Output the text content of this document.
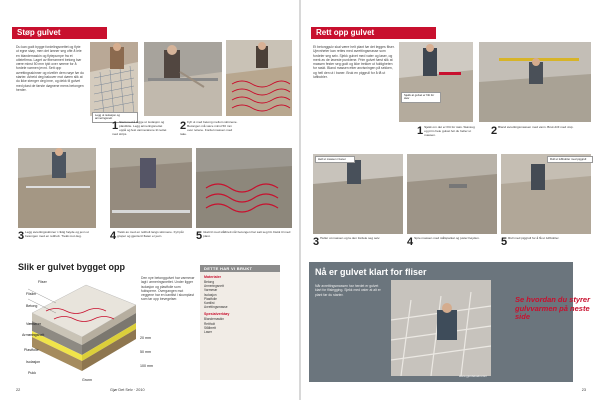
Støp gulvet
Du kan godt bygge fordelingsnettet og flyte ut egne støp, men det lønner seg ofte å leie en blandemaskin og flytepumpe fra et utleiefirma. Laget av fiberarmert betong bør være minst 50 mm tykt over rørene for å fordele varmen jevnt. Sett opp avrettingsskinner og nivellér dem nøye før du starter. Arbeid deg bakover mot døren slik at du ikke stenger deg inne, og dekk til gulvet med plast de første døgnene mens betongen herder.
Legg ut isolasjon og armeringsnett
1 Start med å legge ut isolasjon og plastfolie. Legg armeringsnettet oppå og fest varmerørene til nettet med strips.
2 Fyll ut med betong mellom skinnene. Betongen må være minst 50 mm over rørene. Fordel massen med rake.
3 Legg avrettingsskinner i riktig høyde og jevn ut betongen med en rettholt. Trekk mot deg.	4 Trekk av med en rettholt langs skinnene. Fyll på i groper og gjenta til flaten er jevn.	5 Glatt til med stålbrett når betongen har satt seg litt. Dekk til med plast.
Slik er gulvet bygget opp
Fliser
Flislim
Betong
Varmerør
Armeringsnett
Plastfolie
Isolasjon
Pukk
Grunn
20 mm
50 mm
100 mm
Den nye betonggulvet har varmerør lagt i armeringsnettet. Under ligger isolasjon og plastfolie som fuktsperre. Overgangen mot veggene har en kantlist i skumplast som tar opp bevegelser.
DETTE HAR VI BRUKT
Materialer
Betong
Armeringsnett
Varmerør
Isolasjon
Plastfolie
Kantlist
Avrettingsmasse
Spesialverktøy
Blandemaskin
Rettholt
Stålbrett
Laser
22	Gjør Det Selv · 2010
Rett opp gulvet
Et betonggulv skal være helt plant før det legges fliser. Ujevnheter kan rettes med avrettingsmasse som fordeler seg selv. Sjekk gulvet med vater og laser, og merk av de laveste punktene. Prim gulvet først slik at massen fester seg godt og ikke trekker ut fuktigheten for raskt. Bland massen etter anvisningen på sekken, og hell den ut i baner. Bruk en piggrull for å få ut luftbobler.
Sjekk at gulvet er fritt for støv
1 Sjekk om det er fritt for støv. Støvsug og prim hele gulvet før du heller ut massen.	2 Bland avrettingsmassen med vann. Bruk drill med visp.
Hell ut massen i baner	Rull ut luftbobler med piggrull
3 Heller ut massen og la den fordele seg selv.	4 Spre massen med stålsparkel og juster høyden.	5 Rull med piggrull for å få ut luftbobler.
Nå er gulvet klart for fliser
Når avrettingsmassen har herdet er gulvet klart for flislegging. Sjekk med vater at alt er plant før du starter.
www.gjordetselv.com
Se hvordan du styrer gulvvarmen på neste side
23
